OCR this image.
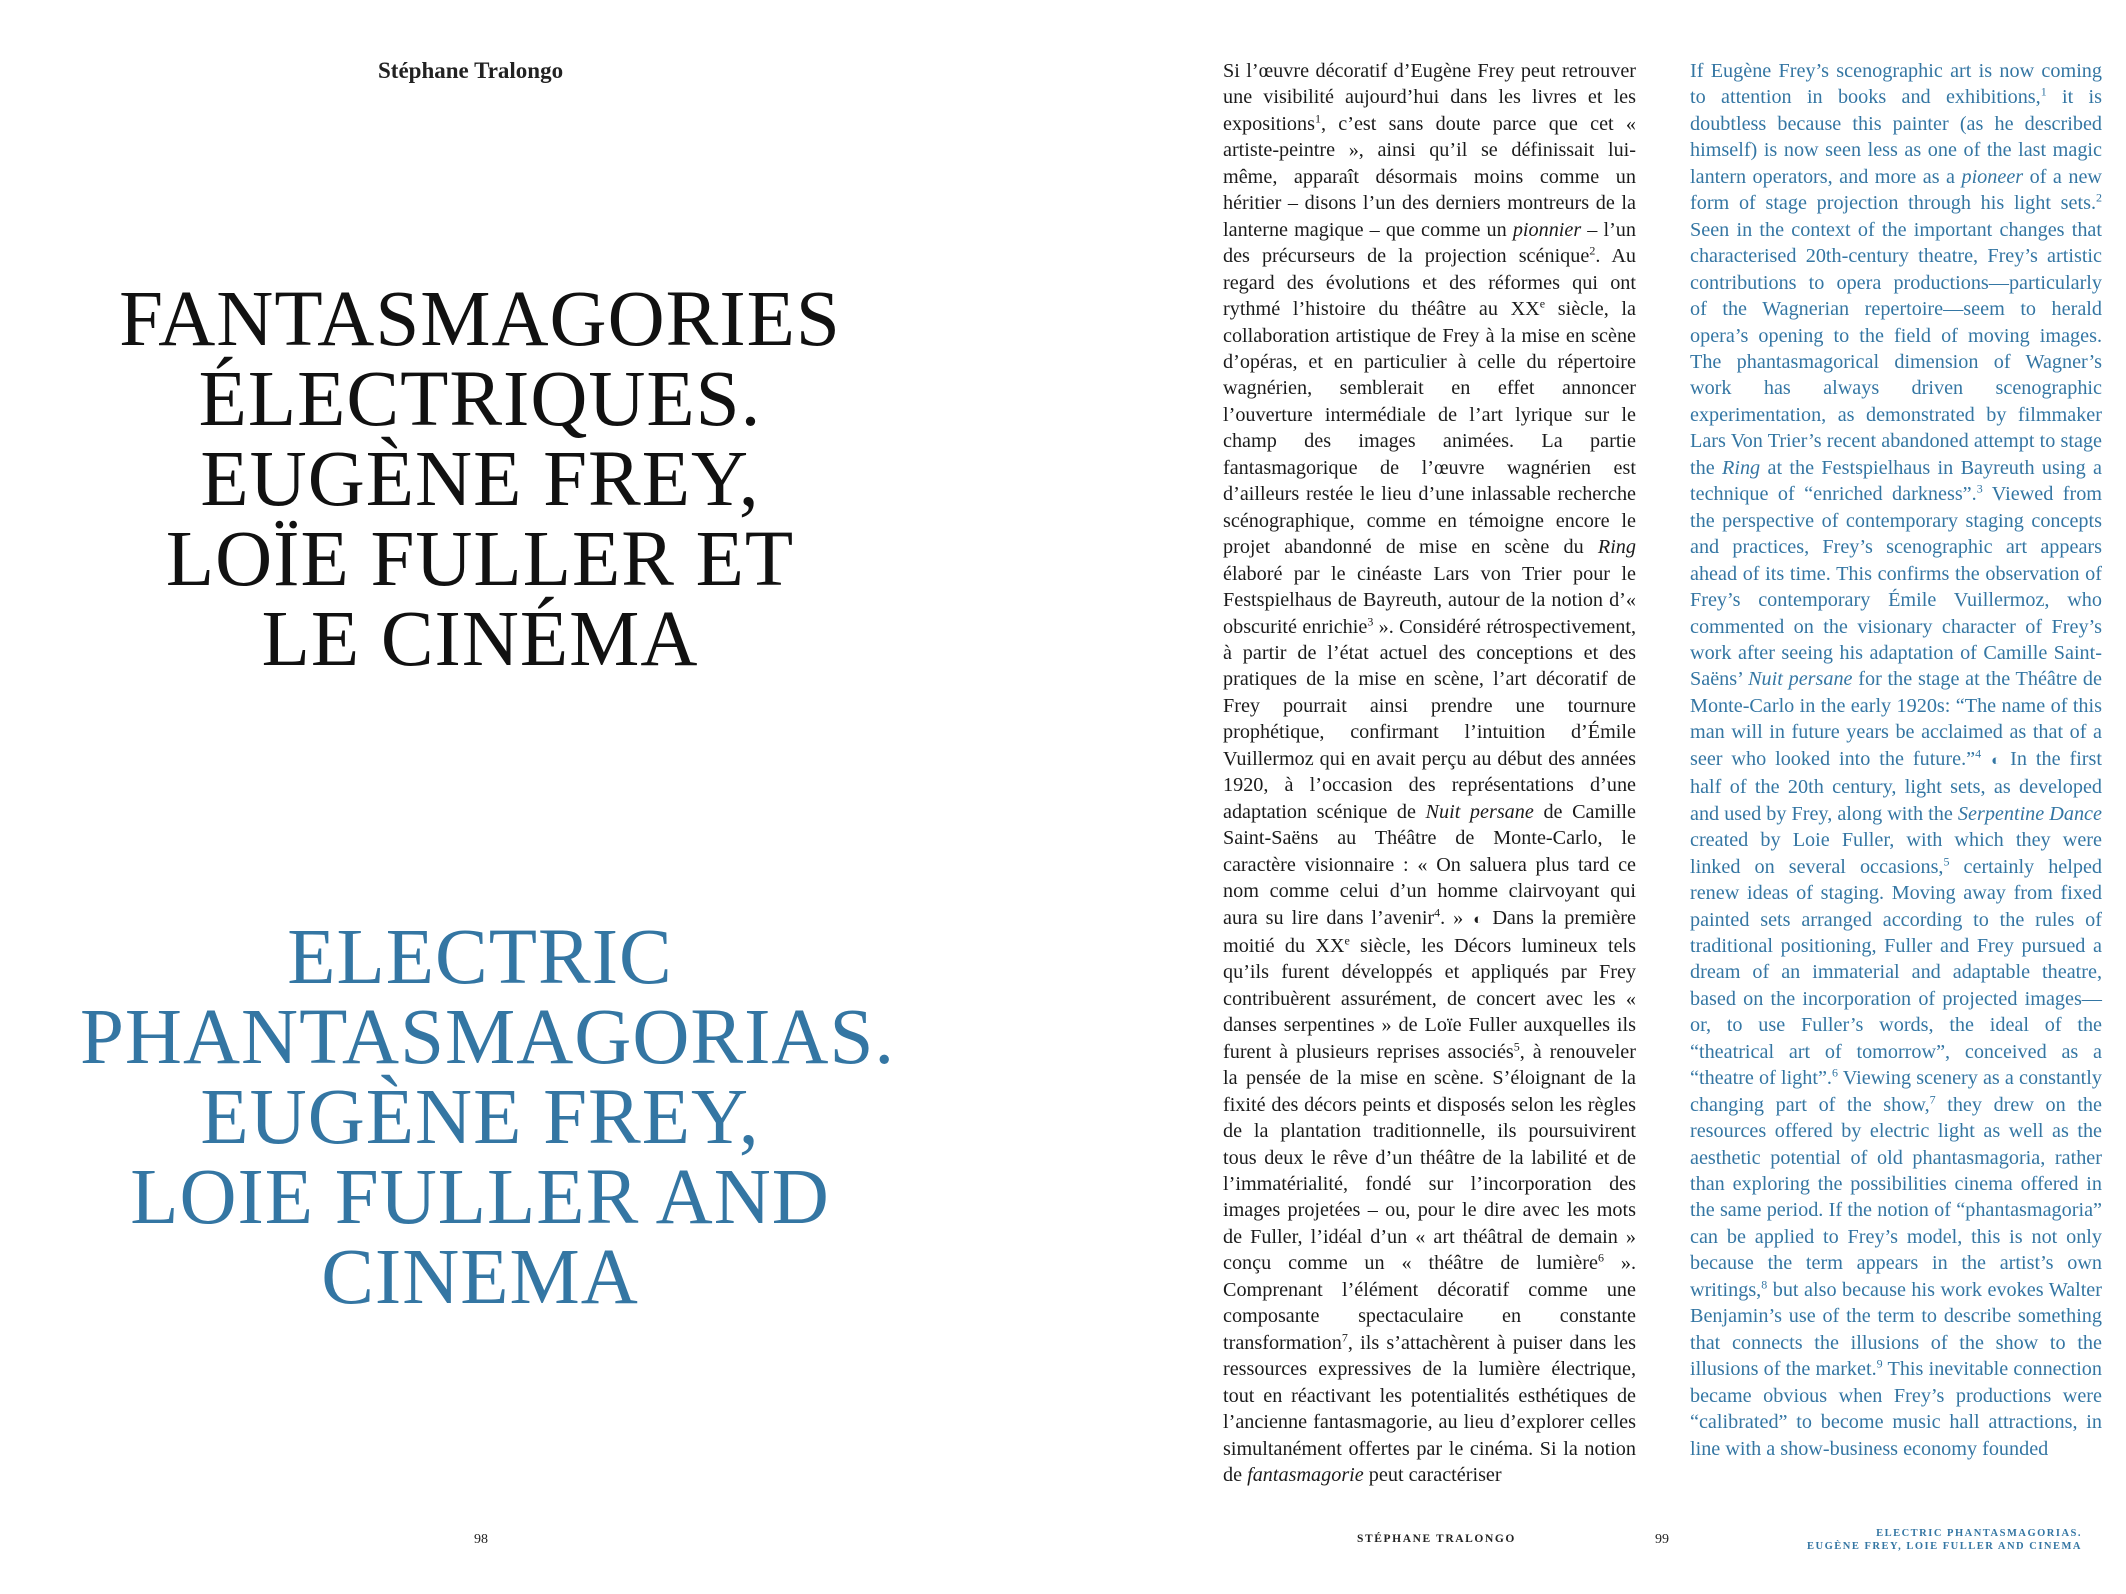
Stéphane Tralongo
FANTASMAGORIES
ÉLECTRIQUES.
EUGÈNE FREY,
LOÏE FULLER ET
LE CINÉMA
ELECTRIC
PHANTASMAGORIAS.
EUGÈNE FREY,
LOIE FULLER AND
CINEMA

Si l’œuvre décoratif d’Eugène Frey peut retrouver une visibilité aujourd’hui dans les livres et les expositions$^1$, c’est sans doute parce que cet « artiste-peintre », ainsi qu’il se définissait lui-même, apparaît désormais moins comme un héritier – disons l’un des derniers montreurs de la lanterne magique – que comme un pionnier – l’un des précurseurs de la projection scénique$^2$. Au regard des évolutions et des réformes qui ont rythmé l’histoire du théâtre au XXe siècle, la collaboration artistique de Frey à la mise en scène d’opéras, et en particulier à celle du répertoire wagnérien, semblerait en effet annoncer l’ouverture intermédiale de l’art lyrique sur le champ des images animées. La partie fantasmagorique de l’œuvre wagnérien est d’ailleurs restée le lieu d’une inlassable recherche scénographique, comme en témoigne encore le projet abandonné de mise en scène du Ring élaboré par le cinéaste Lars von Trier pour le Festspielhaus de Bayreuth, autour de la notion d’« obscurité enrichie$^3$ ». Considéré rétrospectivement, à partir de l’état actuel des conceptions et des pratiques de la mise en scène, l’art décoratif de Frey pourrait ainsi prendre une tournure prophétique, confirmant l’intuition d’Émile Vuillermoz qui en avait perçu au début des années 1920, à l’occasion des représentations d’une adaptation scénique de Nuit persane de Camille Saint-Saëns au Théâtre de Monte-Carlo, le caractère visionnaire : « On saluera plus tard ce nom comme celui d’un homme clairvoyant qui aura su lire dans l’avenir$^4$. » ◐ Dans la première moitié du XXe siècle, les Décors lumineux tels qu’ils furent développés et appliqués par Frey contribuèrent assurément, de concert avec les « danses serpentines » de Loïe Fuller auxquelles ils furent à plusieurs reprises associés$^5$, à renouveler la pensée de la mise en scène. S’éloignant de la fixité des décors peints et disposés selon les règles de la plantation traditionnelle, ils poursuivirent tous deux le rêve d’un théâtre de la labilité et de l’immatérialité, fondé sur l’incorporation des images projetées – ou, pour le dire avec les mots de Fuller, l’idéal d’un « art théâtral de demain » conçu comme un « théâtre de lumière$^6$ ». Comprenant l’élément décoratif comme une composante spectaculaire en constante transformation$^7$, ils s’attachèrent à puiser dans les ressources expressives de la lumière électrique, tout en réactivant les potentialités esthétiques de l’ancienne fantasmagorie, au lieu d’explorer celles simultanément offertes par le cinéma. Si la notion de fantasmagorie peut caractériser

If Eugène Frey’s scenographic art is now coming to attention in books and exhibitions,$^1$ it is doubtless because this painter (as he described himself) is now seen less as one of the last magic lantern operators, and more as a pioneer of a new form of stage projection through his light sets.$^2$ Seen in the context of the important changes that characterised 20th-century theatre, Frey’s artistic contributions to opera productions—particularly of the Wagnerian repertoire—seem to herald opera’s opening to the field of moving images. The phantasmagorical dimension of Wagner’s work has always driven scenographic experimentation, as demonstrated by filmmaker Lars Von Trier’s recent abandoned attempt to stage the Ring at the Festspielhaus in Bayreuth using a technique of “enriched darkness”.$^3$ Viewed from the perspective of contemporary staging concepts and practices, Frey’s scenographic art appears ahead of its time. This confirms the observation of Frey’s contemporary Émile Vuillermoz, who commented on the visionary character of Frey’s work after seeing his adaptation of Camille Saint-Saëns’ Nuit persane for the stage at the Théâtre de Monte-Carlo in the early 1920s: “The name of this man will in future years be acclaimed as that of a seer who looked into the future.”$^4$ ◐ In the first half of the 20th century, light sets, as developed and used by Frey, along with the Serpentine Dance created by Loie Fuller, with which they were linked on several occasions,$^5$ certainly helped renew ideas of staging. Moving away from fixed painted sets arranged according to the rules of traditional positioning, Fuller and Frey pursued a dream of an immaterial and adaptable theatre, based on the incorporation of projected images—or, to use Fuller’s words, the ideal of the “theatrical art of tomorrow”, conceived as a “theatre of light”.$^6$ Viewing scenery as a constantly changing part of the show,$^7$ they drew on the resources offered by electric light as well as the aesthetic potential of old phantasmagoria, rather than exploring the possibilities cinema offered in the same period. If the notion of “phantasmagoria” can be applied to Frey’s model, this is not only because the term appears in the artist’s own writings,$^8$ but also because his work evokes Walter Benjamin’s use of the term to describe something that connects the illusions of the show to the illusions of the market.$^9$ This inevitable connection became obvious when Frey’s productions were “calibrated” to become music hall attractions, in line with a show-business economy founded

98	STÉPHANE TRALONGO	99	ELECTRIC PHANTASMAGORIAS.
EUGÈNE FREY, LOIE FULLER AND CINEMA
